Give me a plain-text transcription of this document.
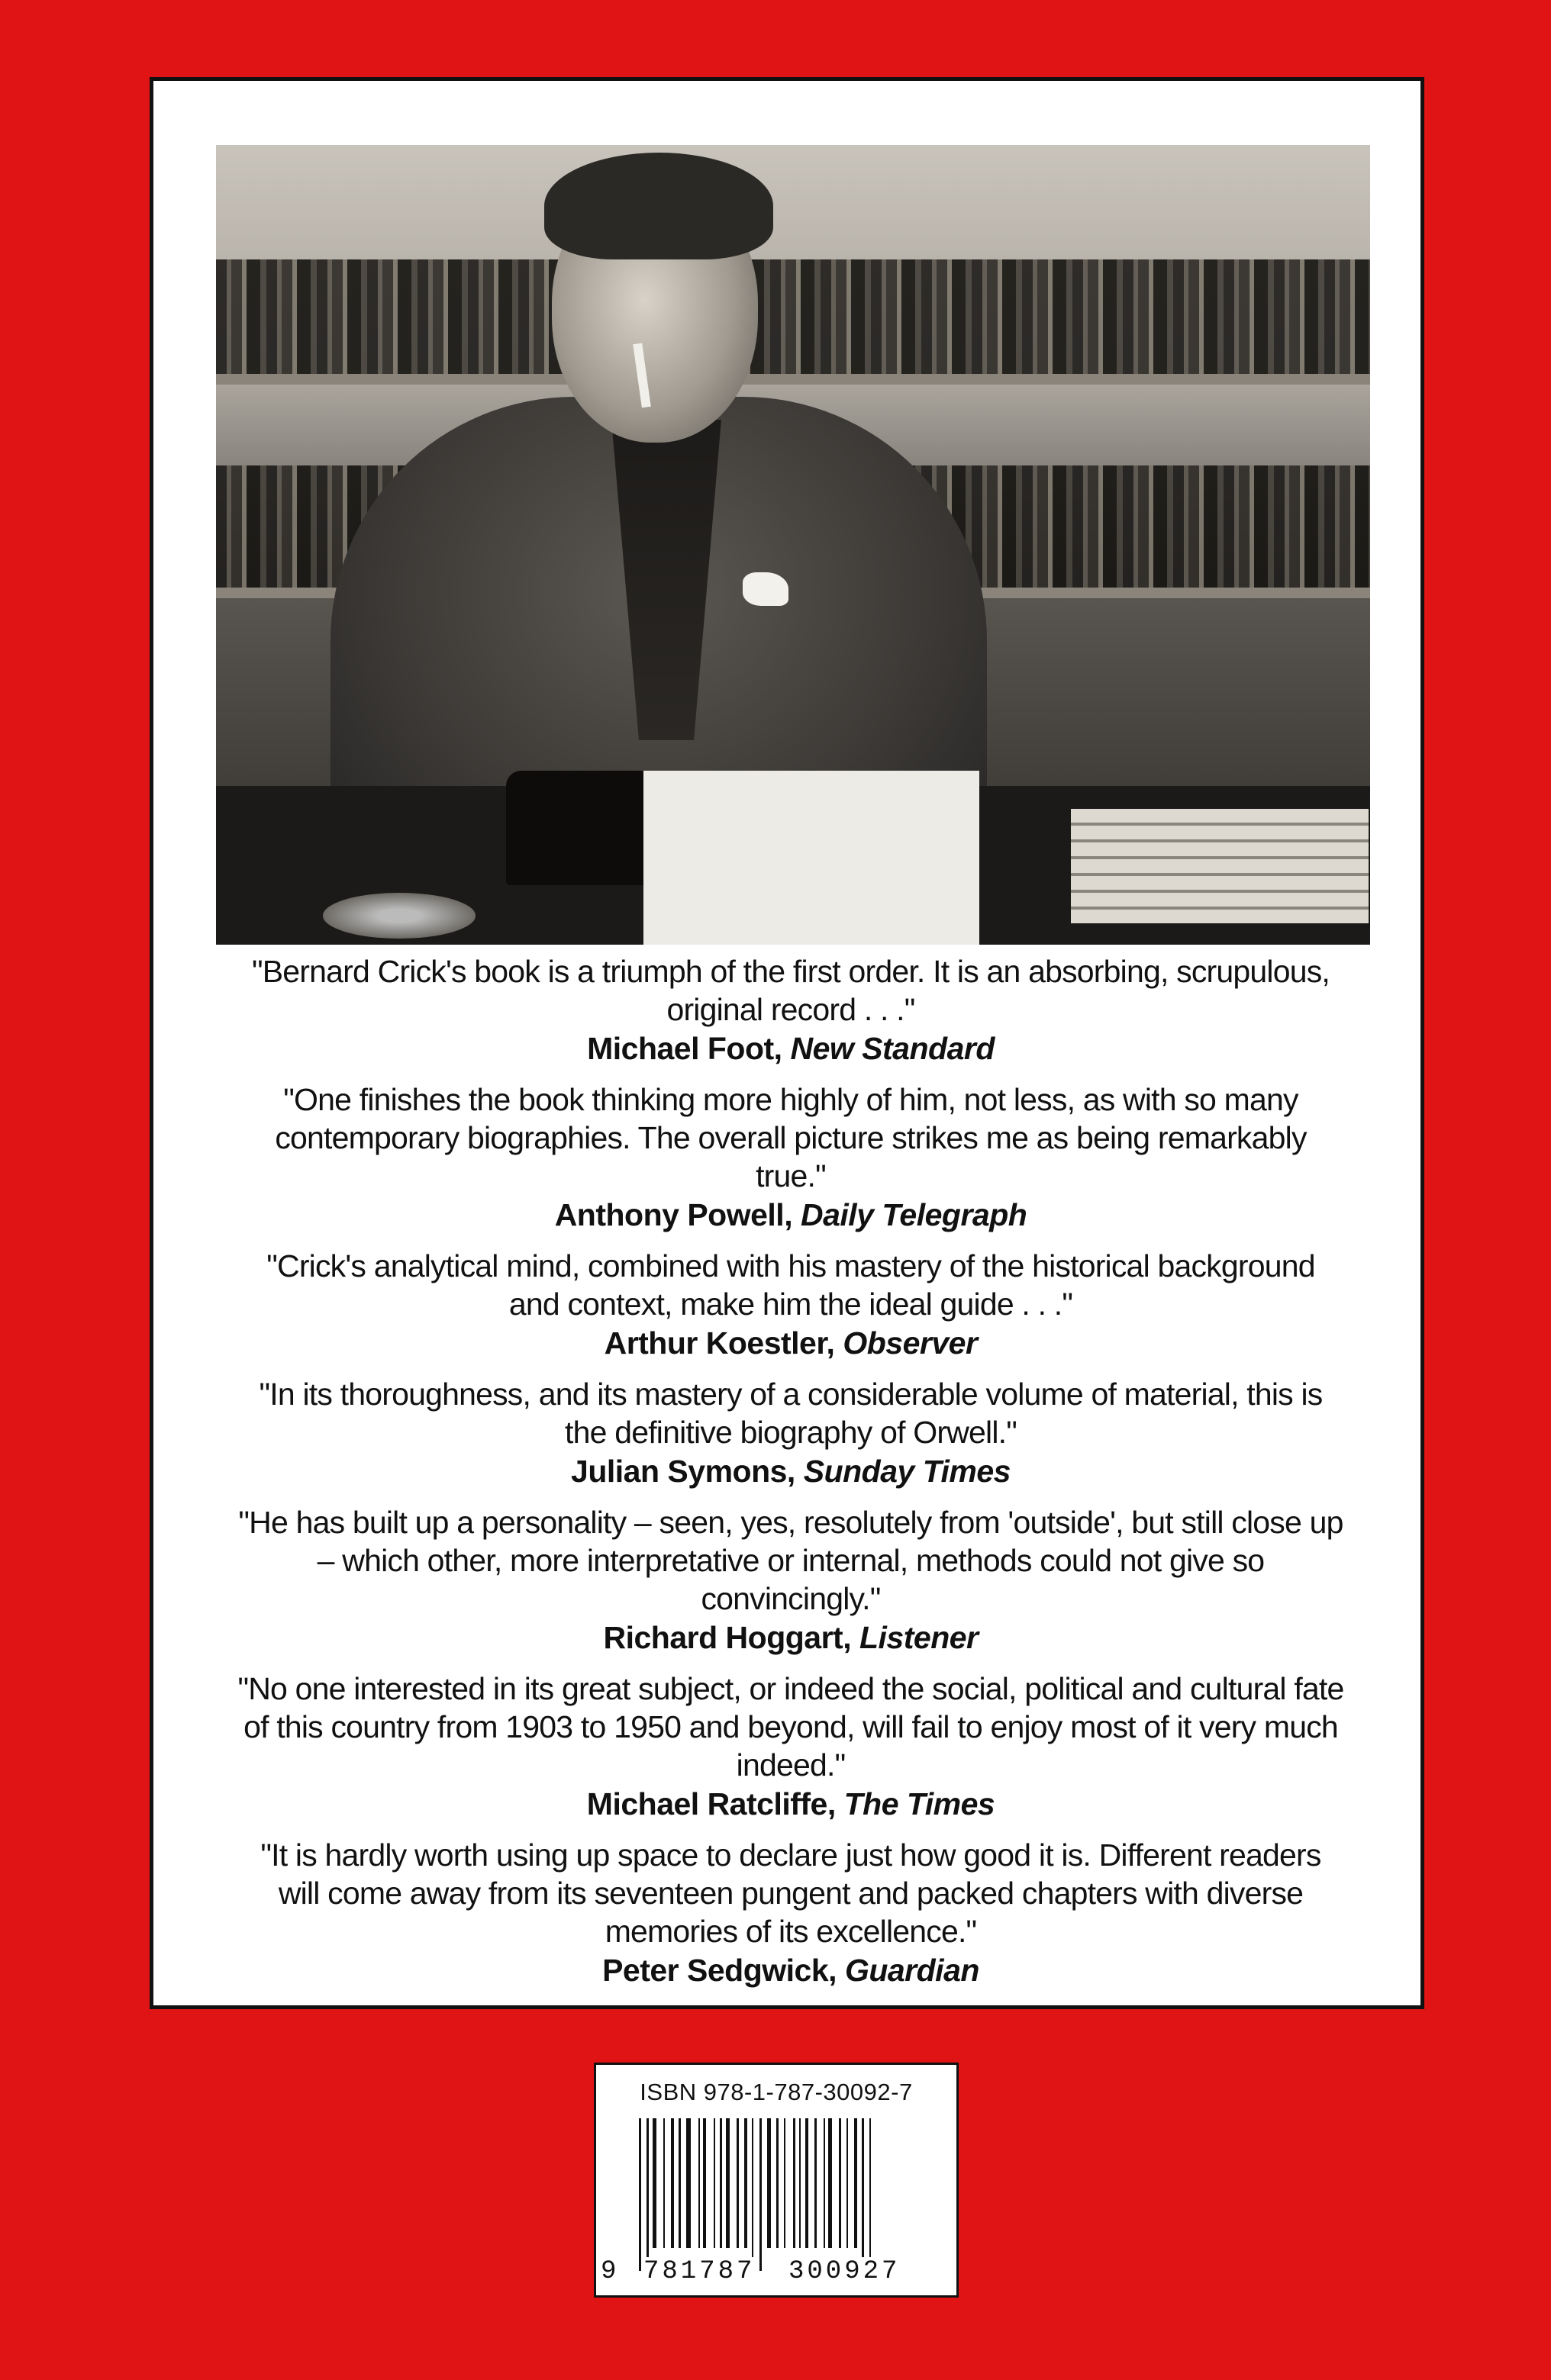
"Bernard Crick's book is a triumph of the first order. It is an absorbing, scrupulous, original record . . ."

Michael Foot, New Standard

"One finishes the book thinking more highly of him, not less, as with so many contemporary biographies. The overall picture strikes me as being remarkably true."

Anthony Powell, Daily Telegraph

"Crick's analytical mind, combined with his mastery of the historical background and context, make him the ideal guide . . ."

Arthur Koestler, Observer

"In its thoroughness, and its mastery of a considerable volume of material, this is the definitive biography of Orwell."

Julian Symons, Sunday Times

"He has built up a personality – seen, yes, resolutely from 'outside', but still close up – which other, more interpretative or internal, methods could not give so convincingly."

Richard Hoggart, Listener

"No one interested in its great subject, or indeed the social, political and cultural fate of this country from 1903 to 1950 and beyond, will fail to enjoy most of it very much indeed."

Michael Ratcliffe, The Times

"It is hardly worth using up space to declare just how good it is. Different readers will come away from its seventeen pungent and packed chapters with diverse memories of its excellence."

Peter Sedgwick, Guardian

ISBN 978-1-787-30092-7
9 781787 300927
